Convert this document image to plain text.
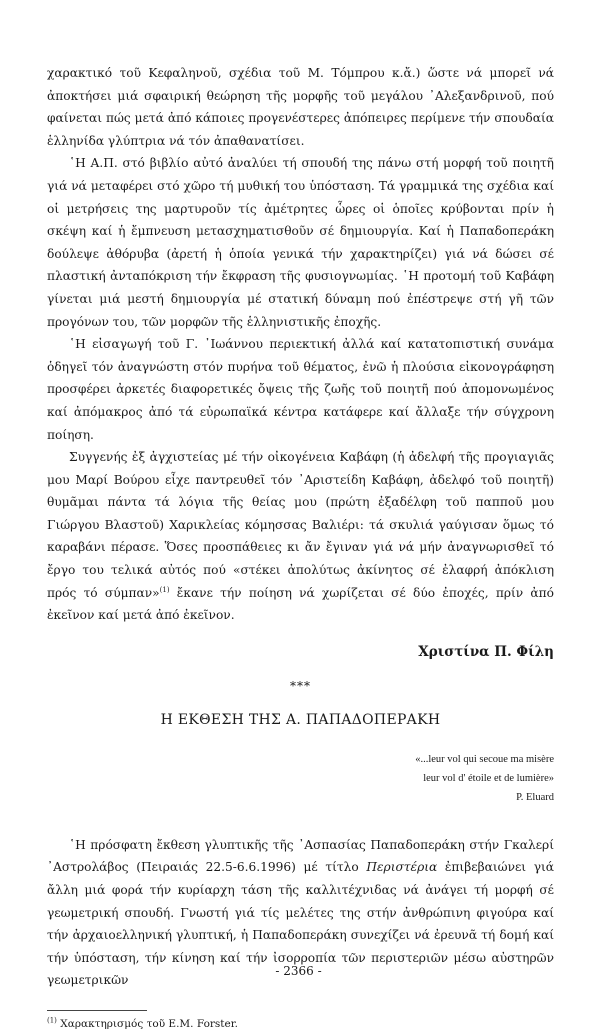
χαρακτικό τοῦ Κεφαληνοῦ, σχέδια τοῦ Μ. Τόμπρου κ.ἄ.) ὥστε νά μπορεῖ νά ἀποκτήσει μιά σφαιρική θεώρηση τῆς μορφῆς τοῦ μεγάλου ᾿Αλεξανδρινοῦ, πού φαίνεται πώς μετά ἀπό κάποιες προγενέστερες ἀπόπειρες περίμενε τήν σπουδαία ἑλληνίδα γλύπτρια νά τόν ἀπαθανατίσει.

῾Η Α.Π. στό βιβλίο αὐτό ἀναλύει τή σπουδή της πάνω στή μορφή τοῦ ποιητῆ γιά νά μεταφέρει στό χῶρο τή μυθική του ὑπόσταση. Τά γραμμικά της σχέδια καί οἱ μετρήσεις της μαρτυροῦν τίς ἀμέτρητες ὧρες οἱ ὁποῖες κρύβονται πρίν ἡ σκέψη καί ἡ ἔμπνευση μετασχηματισθοῦν σέ δημιουργία. Καί ἡ Παπαδοπεράκη δούλεψε ἀθόρυβα (ἀρετή ἡ ὁποία γενικά τήν χαρακτηρίζει) γιά νά δώσει σέ πλαστική ἀνταπόκριση τήν ἔκφραση τῆς φυσιογνωμίας. ῾Η προτομή τοῦ Καβάφη γίνεται μιά μεστή δημιουργία μέ στατική δύναμη πού ἐπέστρεψε στή γῆ τῶν προγόνων του, τῶν μορφῶν τῆς ἑλληνιστικῆς ἐποχῆς.

῾Η εἰσαγωγή τοῦ Γ. ᾿Ιωάννου περιεκτική ἀλλά καί κατατοπιστική συνάμα ὁδηγεῖ τόν ἀναγνώστη στόν πυρήνα τοῦ θέματος, ἐνῶ ἡ πλούσια εἰκονογράφηση προσφέρει ἀρκετές διαφορετικές ὄψεις τῆς ζωῆς τοῦ ποιητῆ πού ἀπομονωμένος καί ἀπόμακρος ἀπό τά εὐρωπαϊκά κέντρα κατάφερε καί ἄλλαξε τήν σύγχρονη ποίηση.

Συγγενής ἐξ ἀγχιστείας μέ τήν οἰκογένεια Καβάφη (ἡ ἀδελφή τῆς προγιαγιᾶς μου Μαρί Βούρου εἶχε παντρευθεῖ τόν ᾿Αριστείδη Καβάφη, ἀδελφό τοῦ ποιητῆ) θυμᾶμαι πάντα τά λόγια τῆς θείας μου (πρώτη ἐξαδέλφη τοῦ παπποῦ μου Γιώργου Βλαστοῦ) Χαρικλείας κόμησσας Βαλιέρι: τά σκυλιά γαύγισαν ὅμως τό καραβάνι πέρασε. Ὅσες προσπάθειες κι ἄν ἔγιναν γιά νά μήν ἀναγνωρισθεῖ τό ἔργο του τελικά αὐτός πού «στέκει ἀπολύτως ἀκίνητος σέ ἐλαφρή ἀπόκλιση πρός τό σύμπαν»$^{(1)}$ ἔκανε τήν ποίηση νά χωρίζεται σέ δύο ἐποχές, πρίν ἀπό ἐκεῖνον καί μετά ἀπό ἐκεῖνον.

Χριστίνα Π. Φίλη
***
Η ΕΚΘΕΣΗ ΤΗΣ Α. ΠΑΠΑΔΟΠΕΡΑΚΗ
«...leur vol qui secoue ma misère
leur vol d' étoile et de lumière»
P. Eluard

῾Η πρόσφατη ἔκθεση γλυπτικῆς τῆς ᾿Ασπασίας Παπαδοπεράκη στήν Γκαλερί ᾿Αστρολάβος (Πειραιάς 22.5-6.6.1996) μέ τίτλο Περιστέρια ἐπιβεβαιώνει γιά ἄλλη μιά φορά τήν κυρίαρχη τάση τῆς καλλιτέχνιδας νά ἀνάγει τή μορφή σέ γεωμετρική σπουδή. Γνωστή γιά τίς μελέτες της στήν ἀνθρώπινη φιγούρα καί τήν ἀρχαιοελληνική γλυπτική, ἡ Παπαδοπεράκη συνεχίζει νά ἐρευνᾶ τή δομή καί τήν ὑπόσταση, τήν κίνηση καί τήν ἰσορροπία τῶν περιστεριῶν μέσω αὐστηρῶν γεωμετρικῶν

$^{(1)}$ Χαρακτηρισμός τοῦ E.M. Forster.
- 2366 -
